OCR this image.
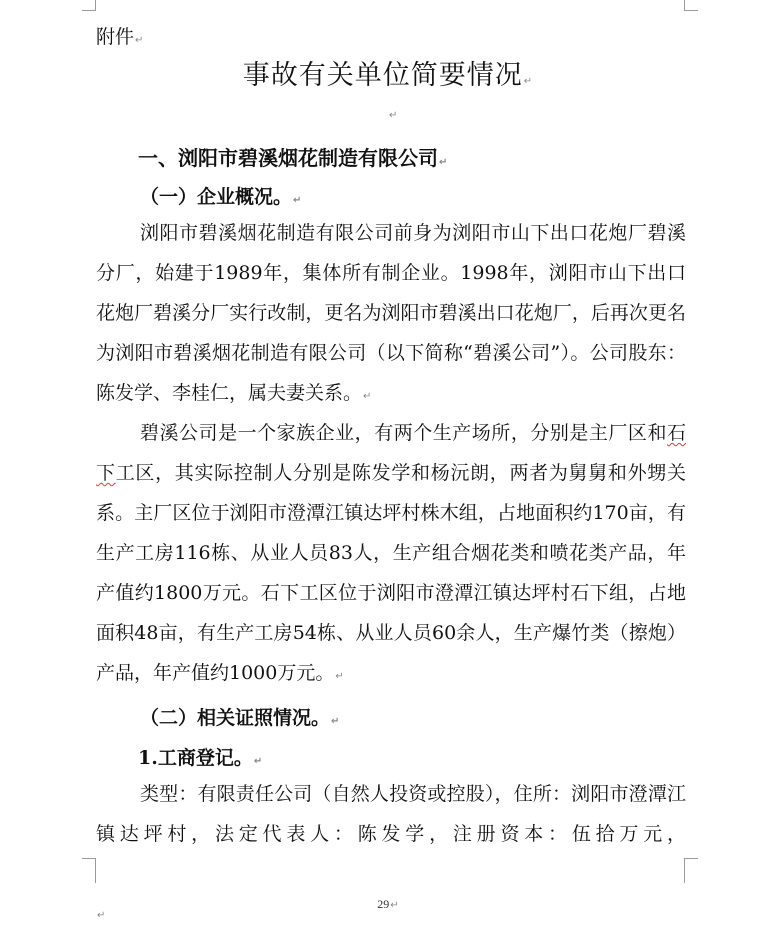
附件↵
事故有关单位简要情况↵
↵
一、浏阳市碧溪烟花制造有限公司↵
（一）企业概况。↵

浏阳市碧溪烟花制造有限公司前身为浏阳市山下出口花炮厂碧溪分厂，始建于1989年，集体所有制企业。1998年，浏阳市山下出口花炮厂碧溪分厂实行改制，更名为浏阳市碧溪出口花炮厂，后再次更名为浏阳市碧溪烟花制造有限公司（以下简称“碧溪公司”）。公司股东：陈发学、李桂仁，属夫妻关系。↵

碧溪公司是一个家族企业，有两个生产场所，分别是主厂区和石下工区，其实际控制人分别是陈发学和杨沅朗，两者为舅舅和外甥关系。主厂区位于浏阳市澄潭江镇达坪村株木组，占地面积约170亩，有生产工房116栋、从业人员83人，生产组合烟花类和喷花类产品，年产值约1800万元。石下工区位于浏阳市澄潭江镇达坪村石下组，占地面积48亩，有生产工房54栋、从业人员60余人，生产爆竹类（擦炮）产品，年产值约1000万元。↵

（二）相关证照情况。↵
1.工商登记。↵

类型：有限责任公司（自然人投资或控股），住所：浏阳市澄潭江镇达坪村，法定代表人：陈发学，注册资本：伍拾万元，

29↵
↵
